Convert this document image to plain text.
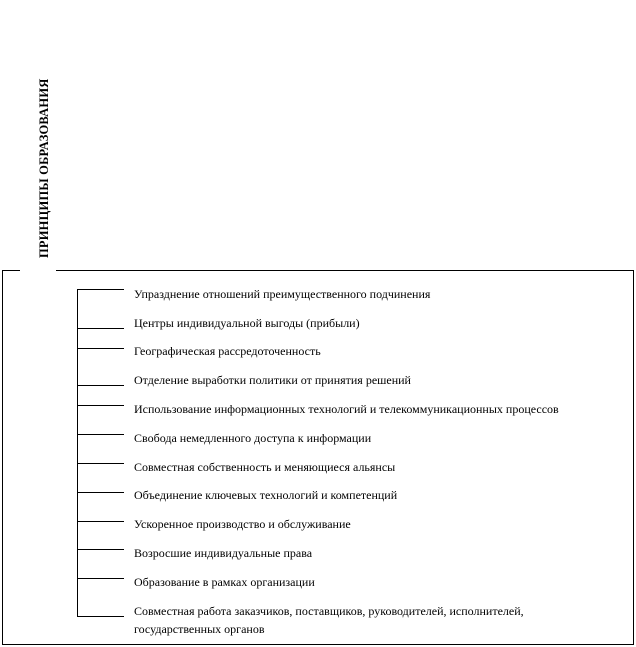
ПРИНЦИПЫ ОБРАЗОВАНИЯ
Упразднение отношений преимущественного подчинения
Центры индивидуальной выгоды (прибыли)
Географическая рассредоточенность
Отделение выработки политики от принятия решений
Использование информационных технологий и телекоммуникационных процессов
Свобода немедленного доступа к информации
Совместная собственность и меняющиеся альянсы
Объединение ключевых технологий и компетенций
Ускоренное производство и обслуживание
Возросшие индивидуальные права
Образование в рамках организации
Совместная работа заказчиков, поставщиков, руководителей, исполнителей,
государственных органов
